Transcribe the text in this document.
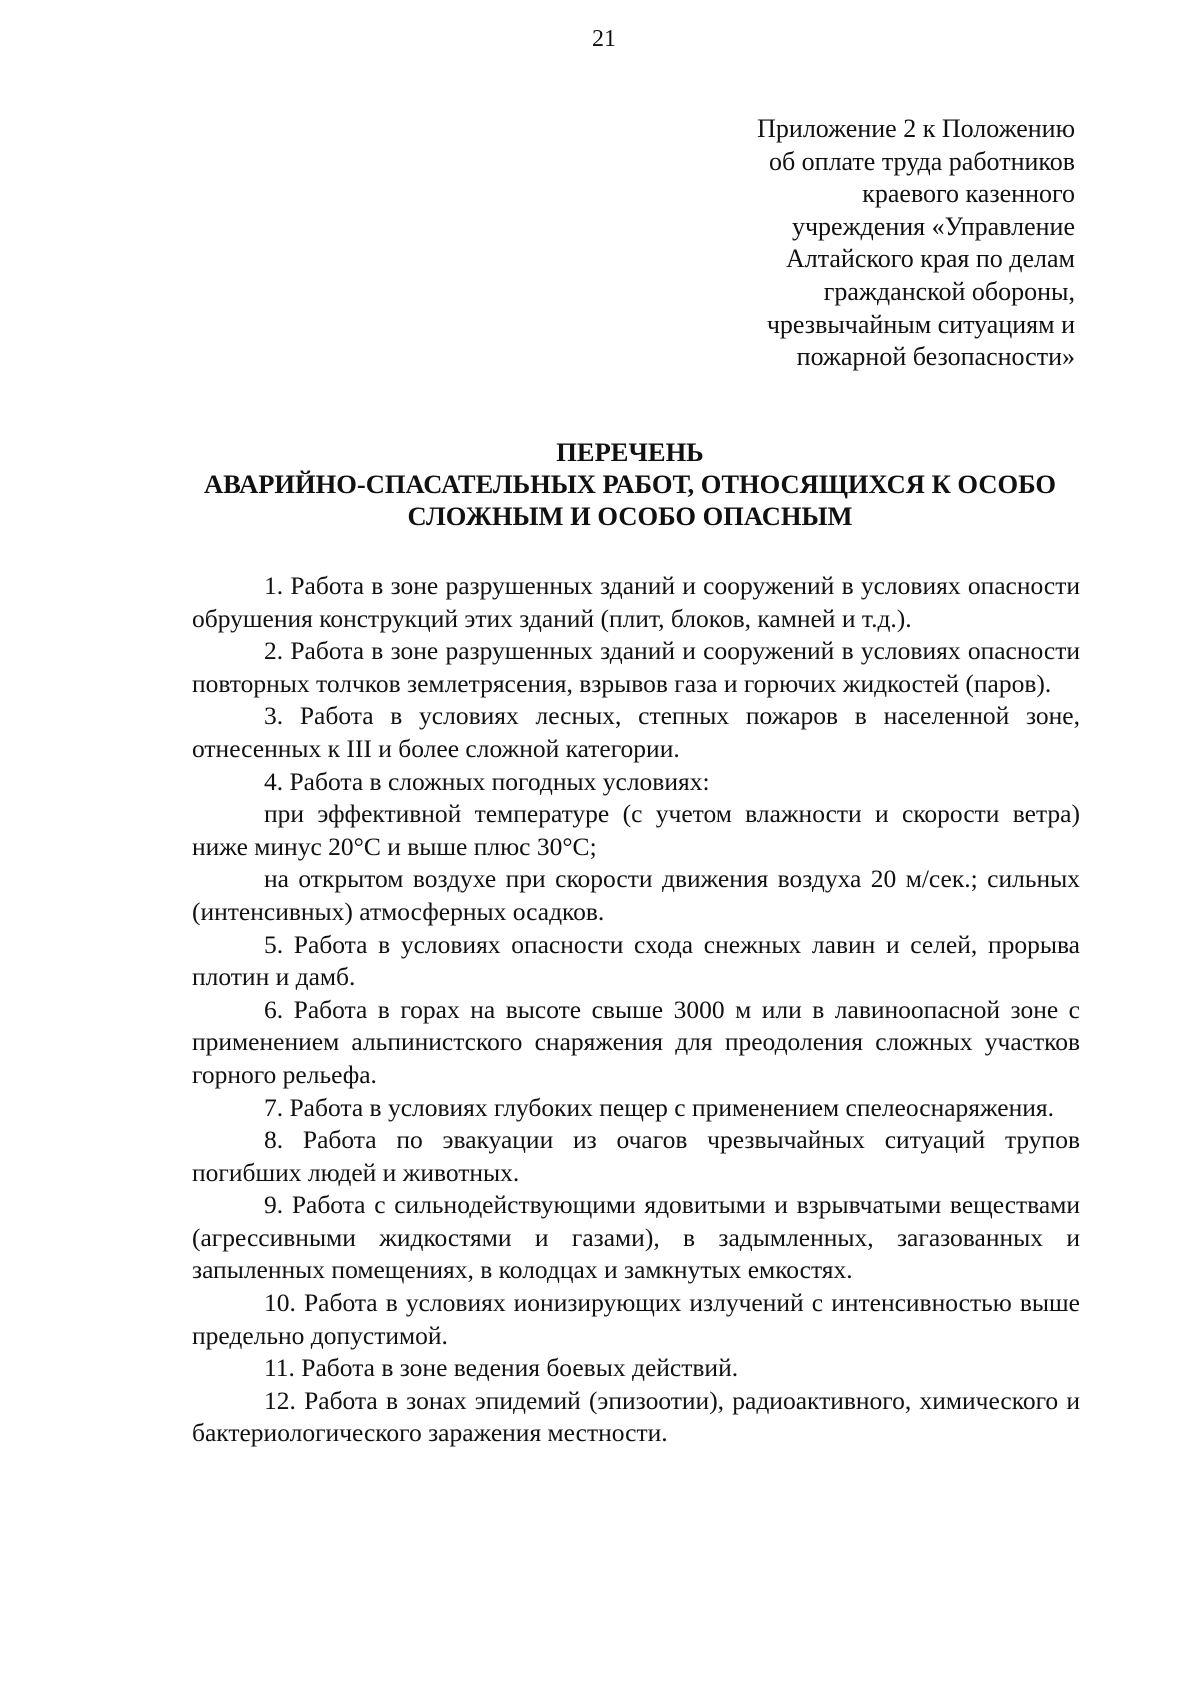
21
Приложение 2 к Положению
об оплате труда работников
краевого казенного
учреждения «Управление
Алтайского края по делам
гражданской обороны,
чрезвычайным ситуациям и
пожарной безопасности»
ПЕРЕЧЕНЬ
АВАРИЙНО-СПАСАТЕЛЬНЫХ РАБОТ, ОТНОСЯЩИХСЯ К ОСОБО
СЛОЖНЫМ И ОСОБО ОПАСНЫМ

1. Работа в зоне разрушенных зданий и сооружений в условиях опасности обрушения конструкций этих зданий (плит, блоков, камней и т.д.).

2. Работа в зоне разрушенных зданий и сооружений в условиях опасности повторных толчков землетрясения, взрывов газа и горючих жидкостей (паров).

3. Работа в условиях лесных, степных пожаров в населенной зоне, отнесенных к III и более сложной категории.

4. Работа в сложных погодных условиях:

при эффективной температуре (с учетом влажности и скорости ветра) ниже минус 20°С и выше плюс 30°С;

на открытом воздухе при скорости движения воздуха 20 м/сек.; сильных (интенсивных) атмосферных осадков.

5. Работа в условиях опасности схода снежных лавин и селей, прорыва плотин и дамб.

6. Работа в горах на высоте свыше 3000 м или в лавиноопасной зоне с применением альпинистского снаряжения для преодоления сложных участков горного рельефа.

7. Работа в условиях глубоких пещер с применением спелеоснаряжения.

8. Работа по эвакуации из очагов чрезвычайных ситуаций трупов погибших людей и животных.

9. Работа с сильнодействующими ядовитыми и взрывчатыми веществами (агрессивными жидкостями и газами), в задымленных, загазованных и запыленных помещениях, в колодцах и замкнутых емкостях.

10. Работа в условиях ионизирующих излучений с интенсивностью выше предельно допустимой.

11. Работа в зоне ведения боевых действий.

12. Работа в зонах эпидемий (эпизоотии), радиоактивного, химического и бактериологического заражения местности.
